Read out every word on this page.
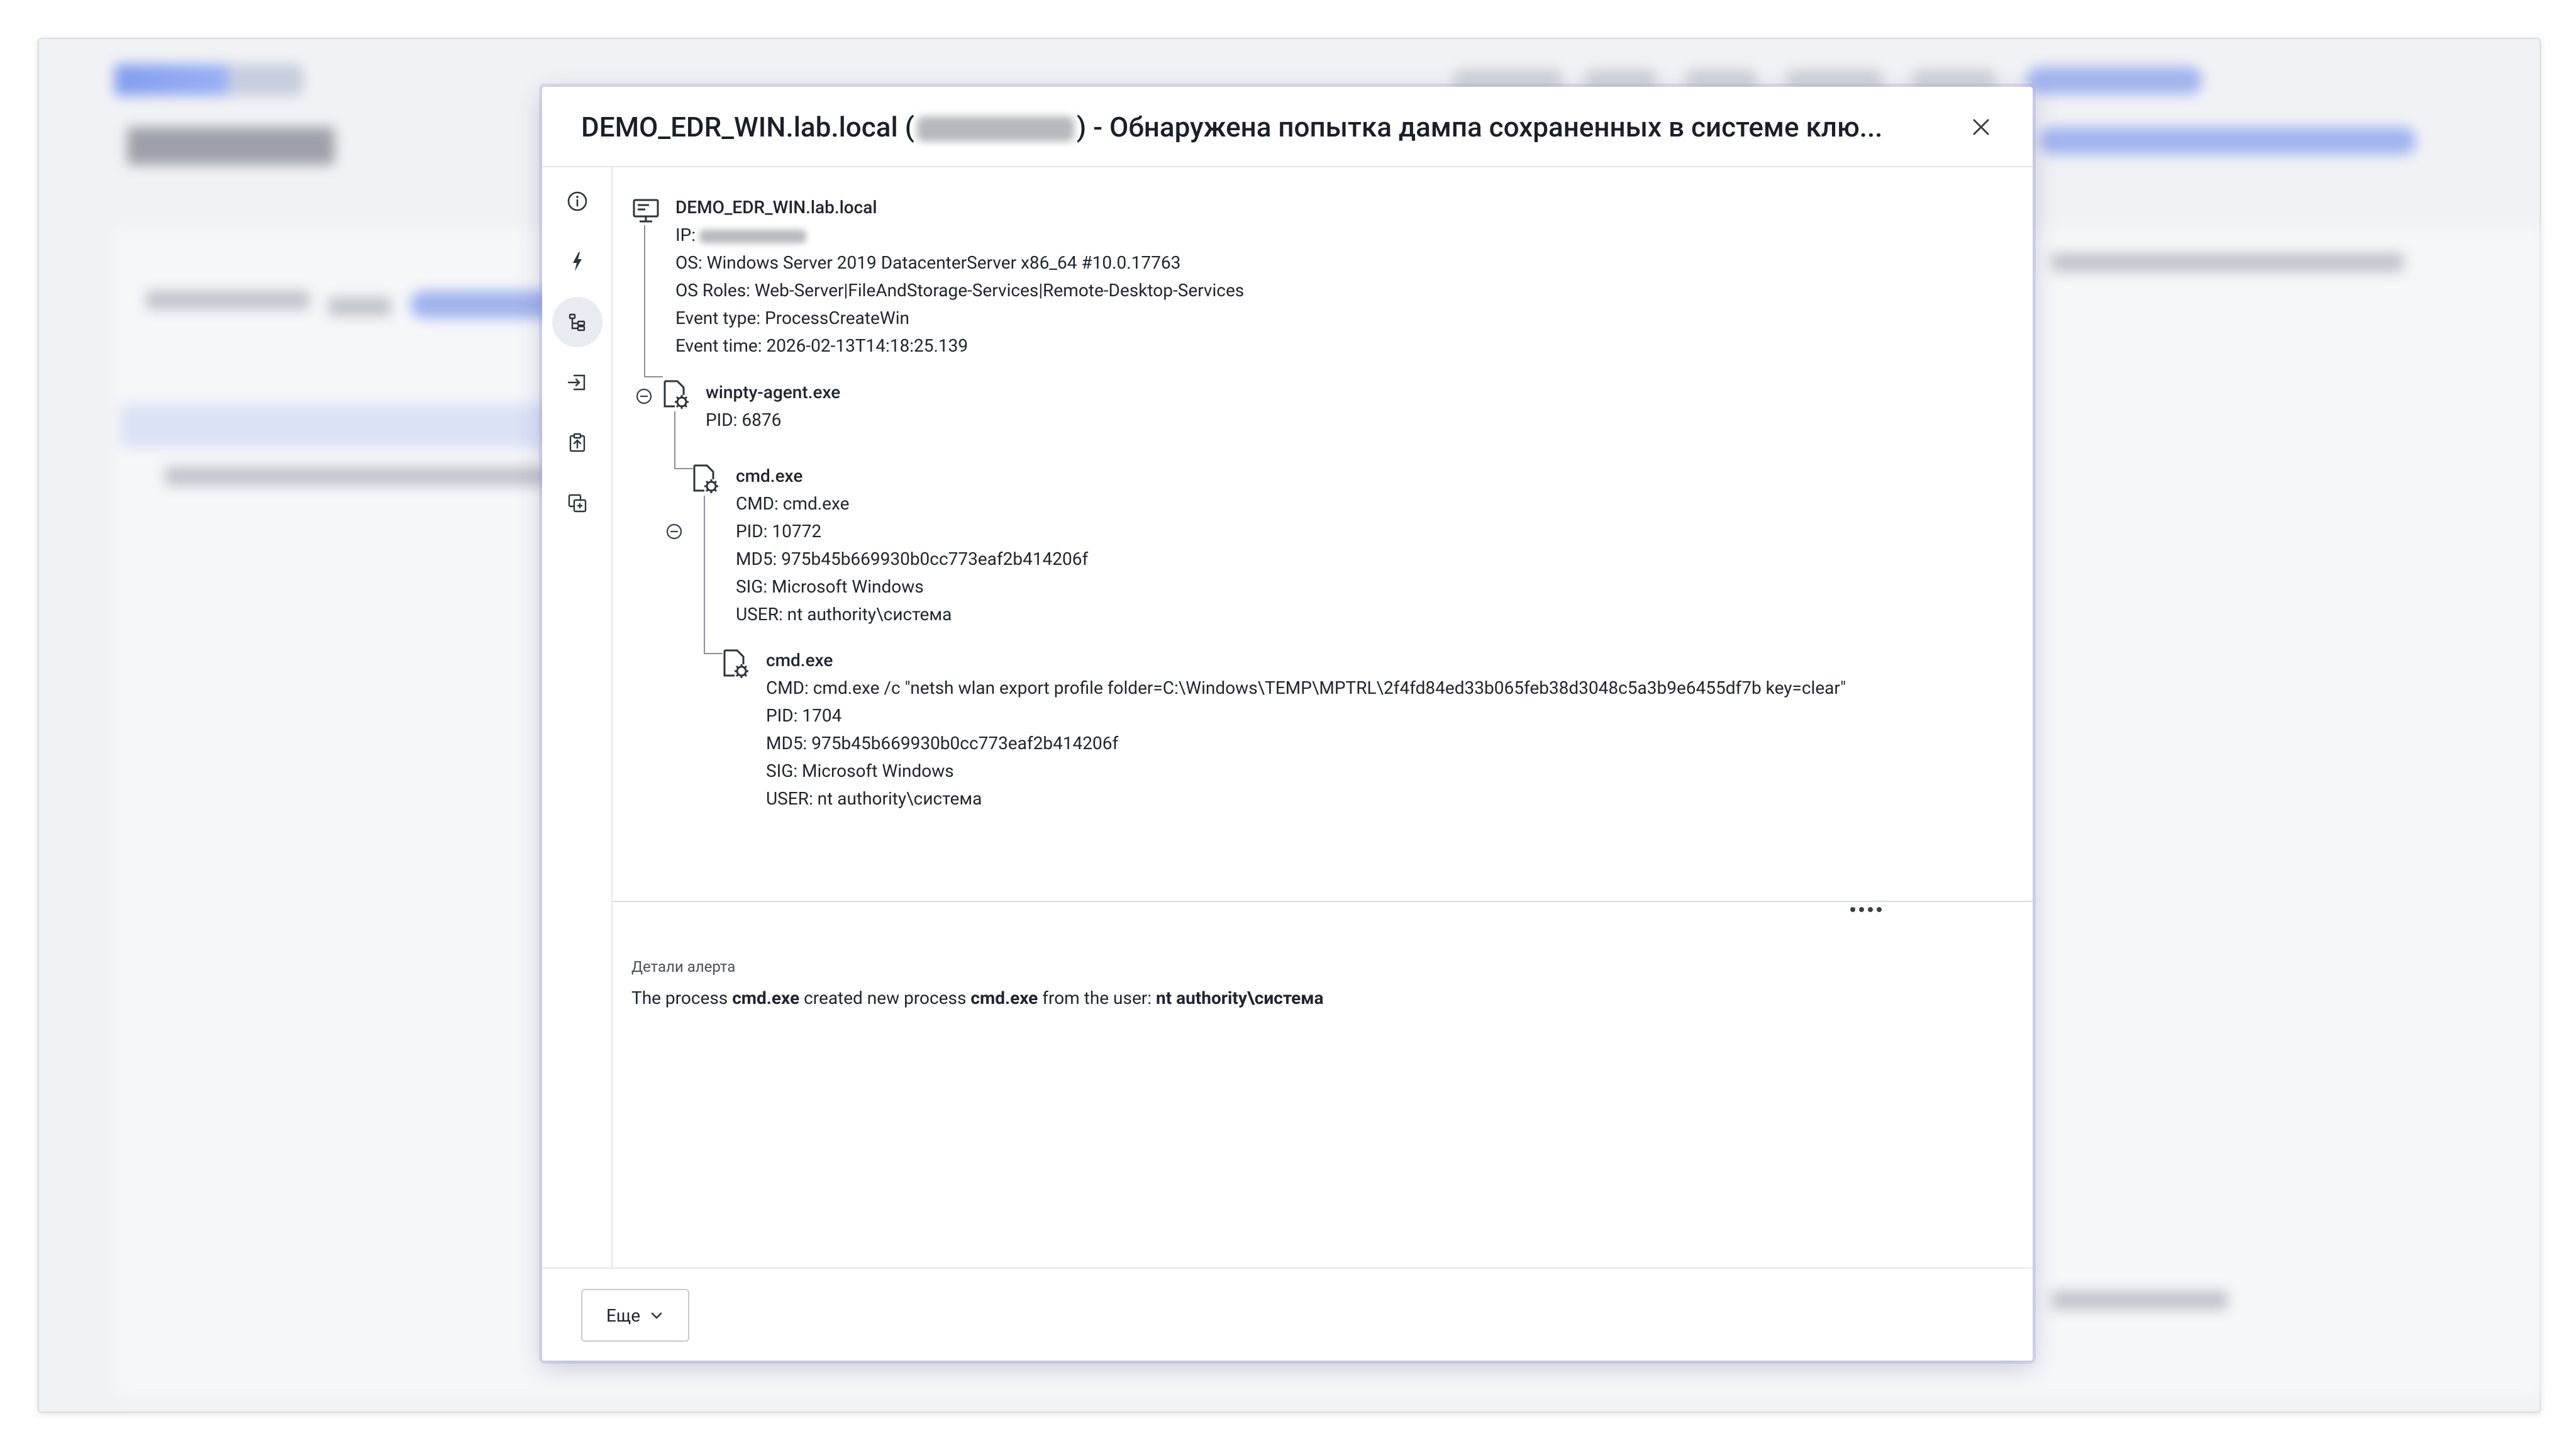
DEMO_EDR_WIN.lab.local (	) - Обнаружена попытка дампа сохраненных в системе клю...
DEMO_EDR_WIN.lab.local
IP:
OS: Windows Server 2019 DatacenterServer x86_64 #10.0.17763
OS Roles: Web-Server|FileAndStorage-Services|Remote-Desktop-Services
Event type: ProcessCreateWin
Event time: 2026-02-13T14:18:25.139
winpty-agent.exe
PID: 6876
cmd.exe
CMD: cmd.exe
PID: 10772
MD5: 975b45b669930b0cc773eaf2b414206f
SIG: Microsoft Windows
USER: nt authority\система
cmd.exe
CMD: cmd.exe /c "netsh wlan export profile folder=C:\Windows\TEMP\MPTRL\2f4fd84ed33b065feb38d3048c5a3b9e6455df7b key=clear"
PID: 1704
MD5: 975b45b669930b0cc773eaf2b414206f
SIG: Microsoft Windows
USER: nt authority\система
Детали алерта
The process cmd.exe created new process cmd.exe from the user: nt authority\система
Еще
